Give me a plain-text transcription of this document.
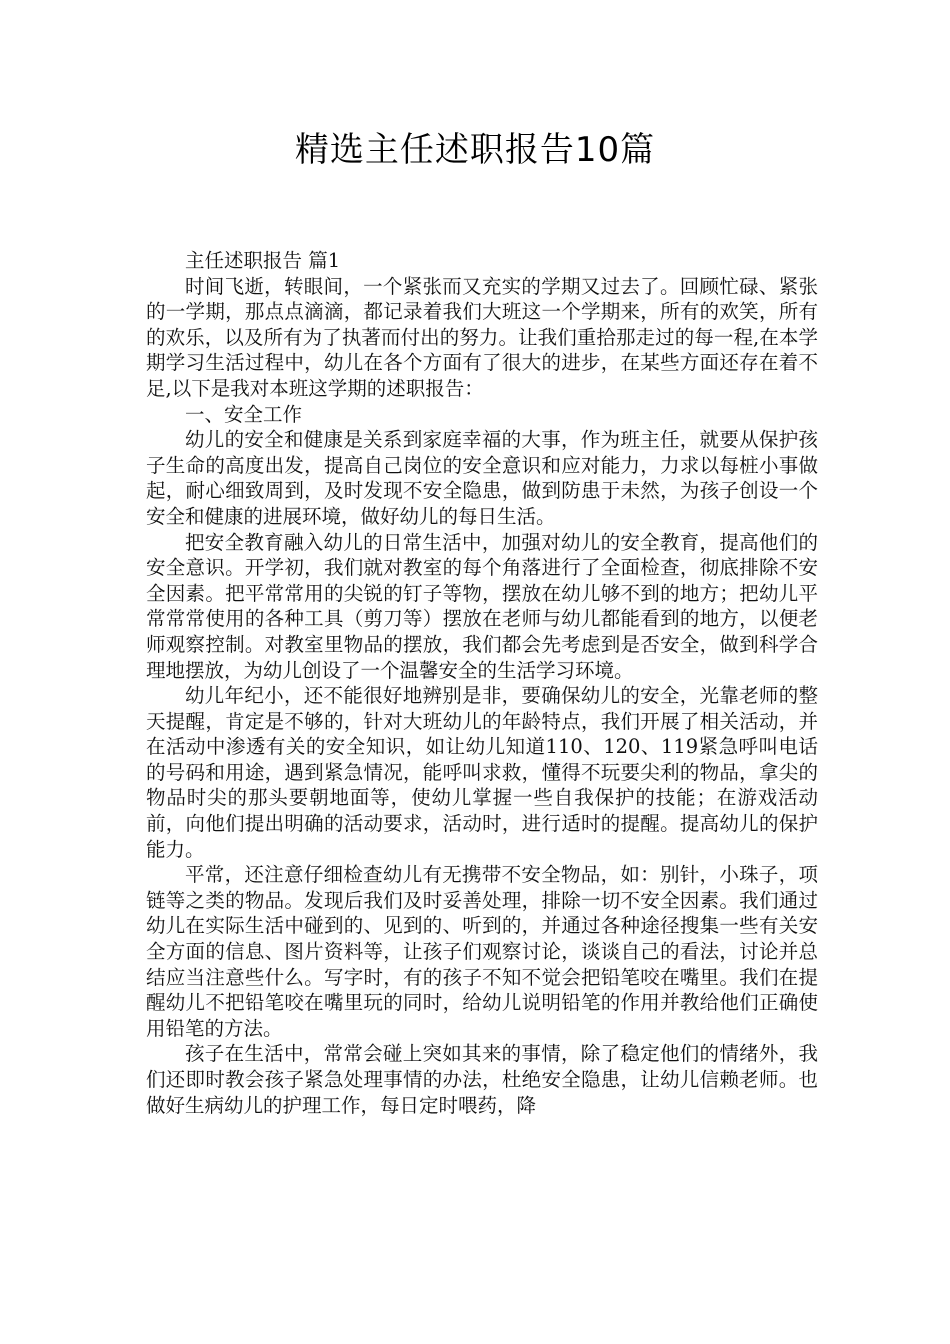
精选主任述职报告10篇

主任述职报告 篇1

时间飞逝，转眼间，一个紧张而又充实的学期又过去了。回顾忙碌、紧张的一学期，那点点滴滴，都记录着我们大班这一个学期来，所有的欢笑，所有的欢乐，以及所有为了执著而付出的努力。让我们重拾那走过的每一程,在本学期学习生活过程中，幼儿在各个方面有了很大的进步，在某些方面还存在着不足,以下是我对本班这学期的述职报告：

一、安全工作

幼儿的安全和健康是关系到家庭幸福的大事，作为班主任，就要从保护孩子生命的高度出发，提高自己岗位的安全意识和应对能力，力求以每桩小事做起，耐心细致周到，及时发现不安全隐患，做到防患于未然，为孩子创设一个安全和健康的进展环境，做好幼儿的每日生活。

把安全教育融入幼儿的日常生活中，加强对幼儿的安全教育，提高他们的安全意识。开学初，我们就对教室的每个角落进行了全面检查，彻底排除不安全因素。把平常常用的尖锐的钉子等物，摆放在幼儿够不到的地方；把幼儿平常常常使用的各种工具（剪刀等）摆放在老师与幼儿都能看到的地方，以便老师观察控制。对教室里物品的摆放，我们都会先考虑到是否安全，做到科学合理地摆放，为幼儿创设了一个温馨安全的生活学习环境。

幼儿年纪小，还不能很好地辨别是非，要确保幼儿的安全，光靠老师的整天提醒，肯定是不够的，针对大班幼儿的年龄特点，我们开展了相关活动，并在活动中渗透有关的安全知识，如让幼儿知道110、120、119紧急呼叫电话的号码和用途，遇到紧急情况，能呼叫求救，懂得不玩要尖利的物品，拿尖的物品时尖的那头要朝地面等，使幼儿掌握一些自我保护的技能；在游戏活动前，向他们提出明确的活动要求，活动时，进行适时的提醒。提高幼儿的保护能力。

平常，还注意仔细检查幼儿有无携带不安全物品，如：别针，小珠子，项链等之类的物品。发现后我们及时妥善处理，排除一切不安全因素。我们通过幼儿在实际生活中碰到的、见到的、听到的，并通过各种途径搜集一些有关安全方面的信息、图片资料等，让孩子们观察讨论，谈谈自己的看法，讨论并总结应当注意些什么。写字时，有的孩子不知不觉会把铅笔咬在嘴里。我们在提醒幼儿不把铅笔咬在嘴里玩的同时，给幼儿说明铅笔的作用并教给他们正确使用铅笔的方法。

孩子在生活中，常常会碰上突如其来的事情，除了稳定他们的情绪外，我们还即时教会孩子紧急处理事情的办法，杜绝安全隐患，让幼儿信赖老师。也做好生病幼儿的护理工作，每日定时喂药，降
